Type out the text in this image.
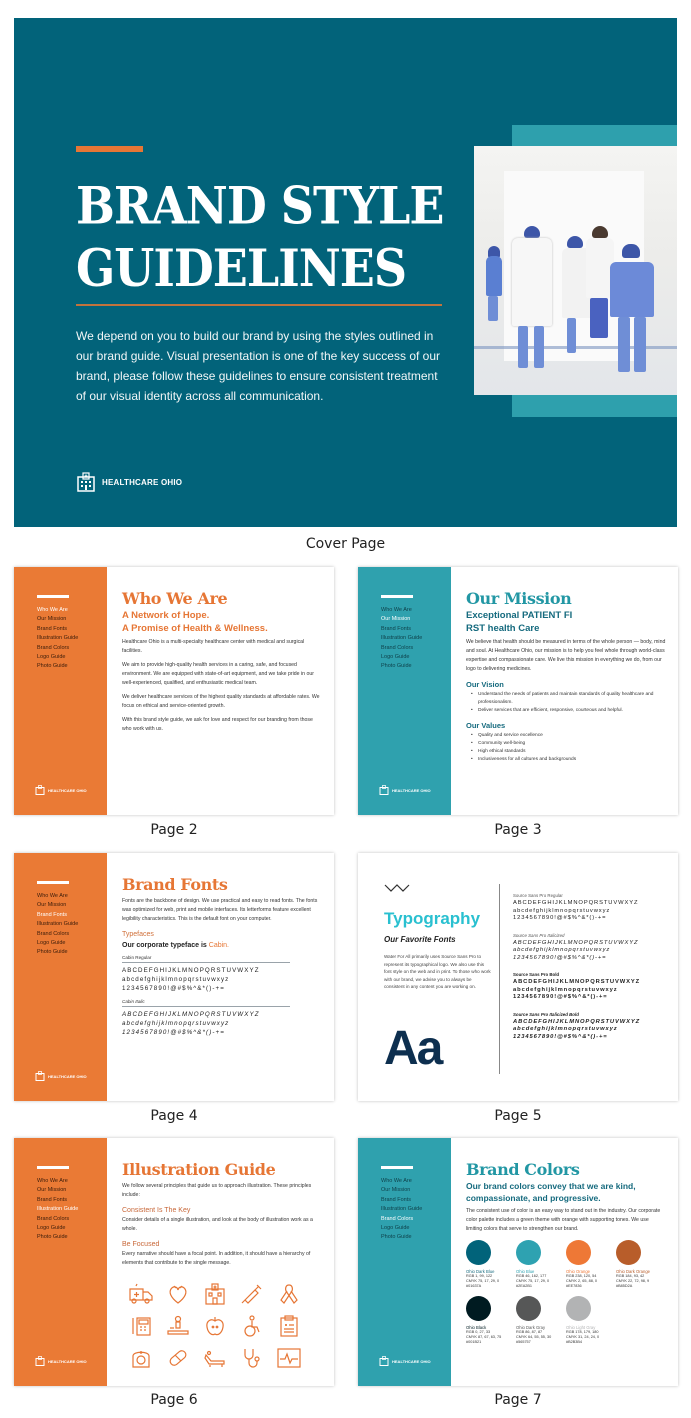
BRAND STYLE
GUIDELINES
We depend on you to build our brand by using the styles outlined in our brand guide. Visual presentation is one of the key success of our brand, please follow these guidelines to ensure consistent treatment of our visual identity across all communication.
HEALTHCARE OHIO
Cover Page
Who We Are
Our Mission
Brand Fonts
Illustration Guide
Brand Colors
Logo Guide
Photo Guide
HEALTHCARE OHIO
Who We Are
A Network of Hope.
A Promise of Health & Wellness.

Healthcare Ohio is a multi-specialty healthcare center with medical and surgical facilities.

We aim to provide high-quality health services in a caring, safe, and focused environment. We are equipped with state-of-art equipment, and we take pride in our well-experienced, qualified, and enthusiastic medical team.

We deliver healthcare services of the highest quality standards at affordable rates. We focus on ethical and service-oriented growth.

With this brand style guide, we ask for love and respect for our branding from those who work with us.

Page 2
Who We Are
Our Mission
Brand Fonts
Illustration Guide
Brand Colors
Logo Guide
Photo Guide
HEALTHCARE OHIO
Our Mission
Exceptional PATIENT FI
RST health Care

We believe that health should be measured in terms of the whole person — body, mind and soul. At Healthcare Ohio, our mission is to help you feel whole through world-class expertise and compassionate care. We live this mission in everything we do, from our logo to delivering medicines.

Our Vision
• Understand the needs of patients and maintain standards of quality healthcare and professionalism.
• Deliver services that are efficient, responsive, courteous and helpful.
Our Values
• Quality and service excellence
• Community well-being
• High ethical standards
• Inclusiveness for all cultures and backgrounds
Page 3
Who We Are
Our Mission
Brand Fonts
Illustration Guide
Brand Colors
Logo Guide
Photo Guide
HEALTHCARE OHIO
Brand Fonts
Fonts are the backbone of design. We use practical and easy to read fonts. The fonts was optimized for web, print and mobile interfaces. Its letterforms feature excellent legibility characteristics. This is the default font on your computer.
Typefaces
Our corporate typeface is Cabin.
Cabin Regular
ABCDEFGHIJKLMNOPQRSTUVWXYZ
abcdefghijklmnopqrstuvwxyz
1234567890!@#$%^&*()-+=
Cabin Italic
ABCDEFGHIJKLMNOPQRSTUVWXYZ
abcdefghijklmnopqrstuvwxyz
1234567890!@#$%^&*()-+=
Page 4
Typography
Our Favorite Fonts
Water For All primarily uses Source Sans Pro to represent its typographical logo. We also use this font style on the web and in print. To those who work with our brand, we advise you to always be consistent in any content you are working on.
Aa
Source Sans Pro Regular
ABCDEFGHIJKLMNOPQRSTUVWXYZ
abcdefghijklmnopqrstuvwxyz
1234567890!@#$%^&*()-+=
Source Sans Pro Italicized
ABCDEFGHIJKLMNOPQRSTUVWXYZ
abcdefghijklmnopqrstuvwxyz
1234567890!@#$%^&*()-+=
Source Sans Pro Bold
ABCDEFGHIJKLMNOPQRSTUVWXYZ
abcdefghijklmnopqrstuvwxyz
1234567890!@#$%^&*()-+=
Source Sans Pro Italicized Bold
ABCDEFGHIJKLMNOPQRSTUVWXYZ
abcdefghijklmnopqrstuvwxyz
1234567890!@#$%^&*()-+=
Page 5
Who We Are
Our Mission
Brand Fonts
Illustration Guide
Brand Colors
Logo Guide
Photo Guide
HEALTHCARE OHIO
Illustration Guide
We follow several principles that guide us to approach illustration. These principles include:
Consistent Is The Key
Consider details of a single illustration, and look at the body of illustration work as a whole.
Be Focused
Every narrative should have a focal point. In addition, it should have a hierarchy of elements that contribute to the single message.
Page 6
Who We Are
Our Mission
Brand Fonts
Illustration Guide
Brand Colors
Logo Guide
Photo Guide
HEALTHCARE OHIO
Brand Colors
Our brand colors convey that we are kind, compassionate, and progressive.
The consistent use of color is an easy way to stand out in the industry. Our corporate color palette includes a green theme with orange with supporting tones. We use limiting colors that serve to strengthen our brand.
Ohio Dark Blue
RGB 1, 99, 122
CMYK 75, 17, 29, 0
#01637A
Ohio Blue
RGB 46, 162, 177
CMYK 75, 17, 29, 0
#2EA2B1
Ohio Orange
RGB 238, 120, 54
CMYK 2, 65, 88, 0
#EE7836
Ohio Dark Orange
RGB 184, 93, 42
CMYK 22, 72, 98, 9
#B85D2A
Ohio Black
RGB 0, 27, 33
CMYK 87, 67, 63, 75
#001B21
Ohio Dark Gray
RGB 86, 87, 87
CMYK 64, 55, 55, 30
#565757
Ohio Light Gray
RGB 178, 179, 180
CMYK 31, 24, 24, 0
#B2B3B4
Page 7
